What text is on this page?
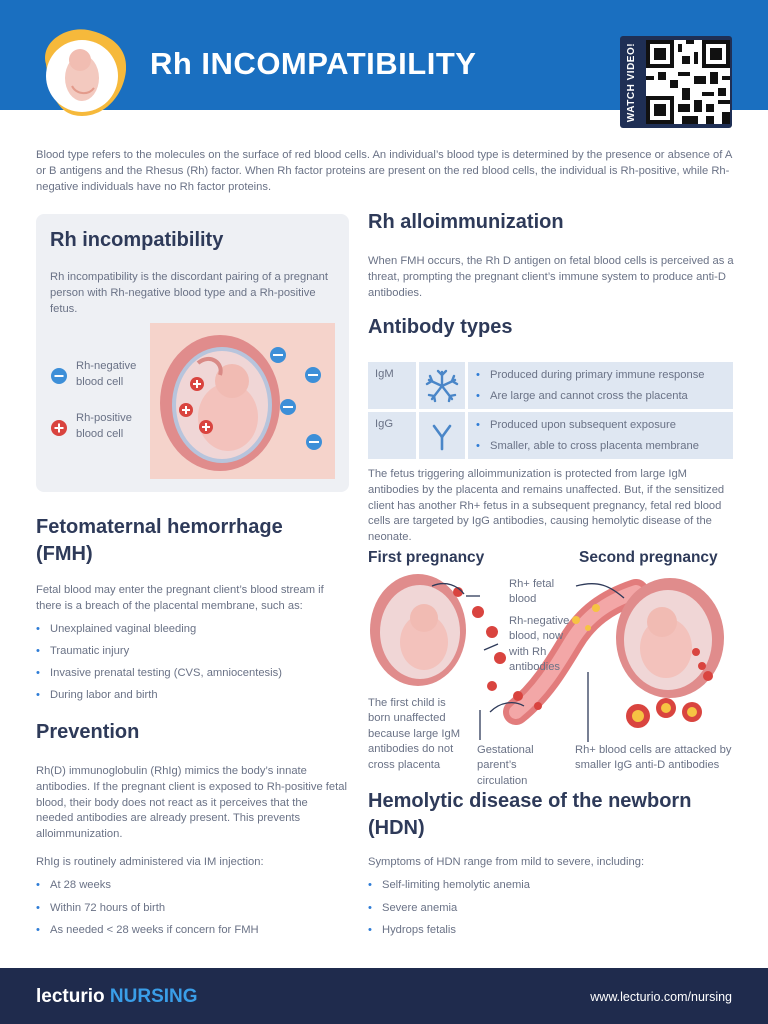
Rh INCOMPATIBILITY	WATCH VIDEO!
Blood type refers to the molecules on the surface of red blood cells. An individual’s blood type is determined by the presence or absence of A or B antigens and the Rhesus (Rh) factor. When Rh factor proteins are present on the red blood cells, the individual is Rh-positive, while Rh-negative individuals have no Rh factor proteins.
Rh incompatibility
Rh incompatibility is the discordant pairing of a pregnant person with Rh-negative blood type and a Rh-positive fetus.
Rh-negative blood cell
Rh-positive blood cell
Fetomaternal hemorrhage (FMH)
Fetal blood may enter the pregnant client’s blood stream if there is a breach of the placental membrane, such as:
• Unexplained vaginal bleeding
• Traumatic injury
• Invasive prenatal testing (CVS, amniocentesis)
• During labor and birth
Prevention
Rh(D) immunoglobulin (RhIg) mimics the body’s innate antibodies. If the pregnant client is exposed to Rh-positive fetal blood, their body does not react as it perceives that the needed antibodies are already present. This prevents alloimmunization.
RhIg is routinely administered via IM injection:
• At 28 weeks
• Within 72 hours of birth
• As needed < 28 weeks if concern for FMH
Rh alloimmunization
When FMH occurs, the Rh D antigen on fetal blood cells is perceived as a threat, prompting the pregnant client’s immune system to produce anti-D antibodies.
Antibody types
IgM	• Produced during primary immune response
• Are large and cannot cross the placenta
IgG	• Produced upon subsequent exposure
• Smaller, able to cross placenta membrane
The fetus triggering alloimmunization is protected from large IgM antibodies by the placenta and remains unaffected. But, if the sensitized client has another Rh+ fetus in a subsequent pregnancy, fetal red blood cells are targeted by IgG antibodies, causing hemolytic disease of the neonate.
First pregnancy	Second pregnancy
Rh+ fetal blood
Rh-negative blood, now with Rh antibodies
The first child is born unaffected because large IgM antibodies do not cross placenta
Gestational parent’s circulation
Rh+ blood cells are attacked by smaller IgG anti-D antibodies
Hemolytic disease of the newborn (HDN)
Symptoms of HDN range from mild to severe, including:
• Self-limiting hemolytic anemia
• Severe anemia
• Hydrops fetalis
lecturio NURSING	www.lecturio.com/nursing
